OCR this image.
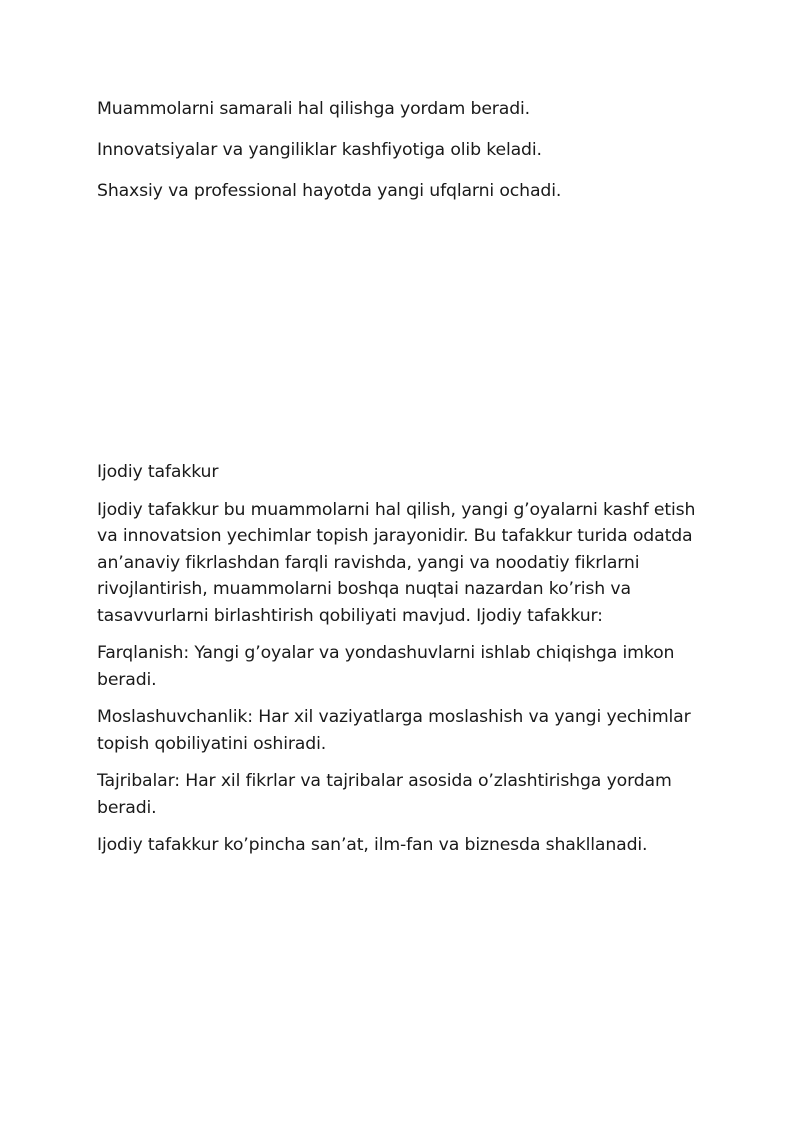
Muammolarni samarali hal qilishga yordam beradi.

Innovatsiyalar va yangiliklar kashfiyotiga olib keladi.

Shaxsiy va professional hayotda yangi ufqlarni ochadi.

Ijodiy tafakkur

Ijodiy tafakkur bu muammolarni hal qilish, yangi g’oyalarni kashf etish va innovatsion yechimlar topish jarayonidir. Bu tafakkur turida odatda an’anaviy fikrlashdan farqli ravishda, yangi va noodatiy fikrlarni rivojlantirish, muammolarni boshqa nuqtai nazardan ko’rish va tasavvurlarni birlashtirish qobiliyati mavjud. Ijodiy tafakkur:

Farqlanish: Yangi g’oyalar va yondashuvlarni ishlab chiqishga imkon beradi.

Moslashuvchanlik: Har xil vaziyatlarga moslashish va yangi yechimlar topish qobiliyatini oshiradi.

Tajribalar: Har xil fikrlar va tajribalar asosida o’zlashtirishga yordam beradi.

Ijodiy tafakkur ko’pincha san’at, ilm-fan va biznesda shakllanadi.
